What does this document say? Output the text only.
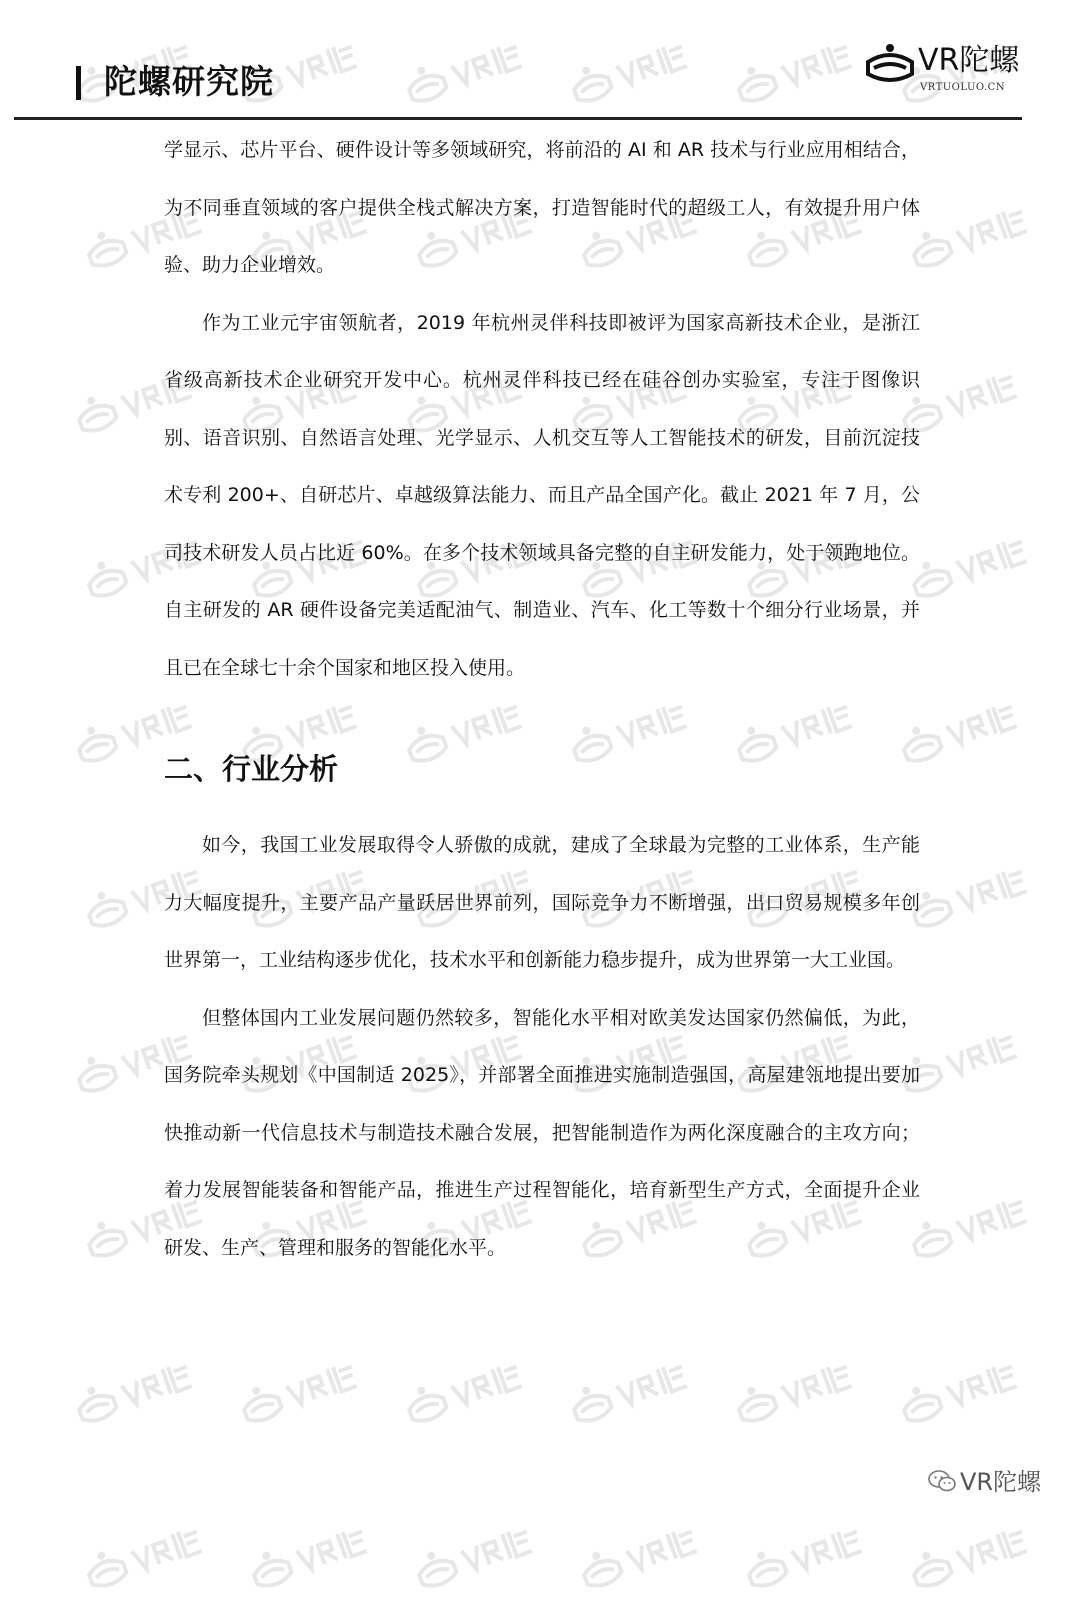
陀螺研究院
VR陀螺
VRTUOLUO.CN

学显示、芯片平台、硬件设计等多领域研究，将前沿的 AI 和 AR 技术与行业应用相结合，为不同垂直领域的客户提供全栈式解决方案，打造智能时代的超级工人，有效提升用户体验、助力企业增效。

作为工业元宇宙领航者，2019 年杭州灵伴科技即被评为国家高新技术企业，是浙江省级高新技术企业研究开发中心。杭州灵伴科技已经在硅谷创办实验室，专注于图像识别、语音识别、自然语言处理、光学显示、人机交互等人工智能技术的研发，目前沉淀技术专利 200+、自研芯片、卓越级算法能力、而且产品全国产化。截止 2021 年 7 月，公司技术研发人员占比近 60%。在多个技术领域具备完整的自主研发能力，处于领跑地位。自主研发的 AR 硬件设备完美适配油气、制造业、汽车、化工等数十个细分行业场景，并且已在全球七十余个国家和地区投入使用。

二、行业分析

如今，我国工业发展取得令人骄傲的成就，建成了全球最为完整的工业体系，生产能力大幅度提升，主要产品产量跃居世界前列，国际竞争力不断增强，出口贸易规模多年创世界第一，工业结构逐步优化，技术水平和创新能力稳步提升，成为世界第一大工业国。

但整体国内工业发展问题仍然较多，智能化水平相对欧美发达国家仍然偏低，为此，国务院牵头规划《中国制适 2025》，并部署全面推进实施制造强国，高屋建瓴地提出要加快推动新一代信息技术与制造技术融合发展，把智能制造作为两化深度融合的主攻方向；着力发展智能装备和智能产品，推进生产过程智能化，培育新型生产方式，全面提升企业研发、生产、管理和服务的智能化水平。

VR陀螺
